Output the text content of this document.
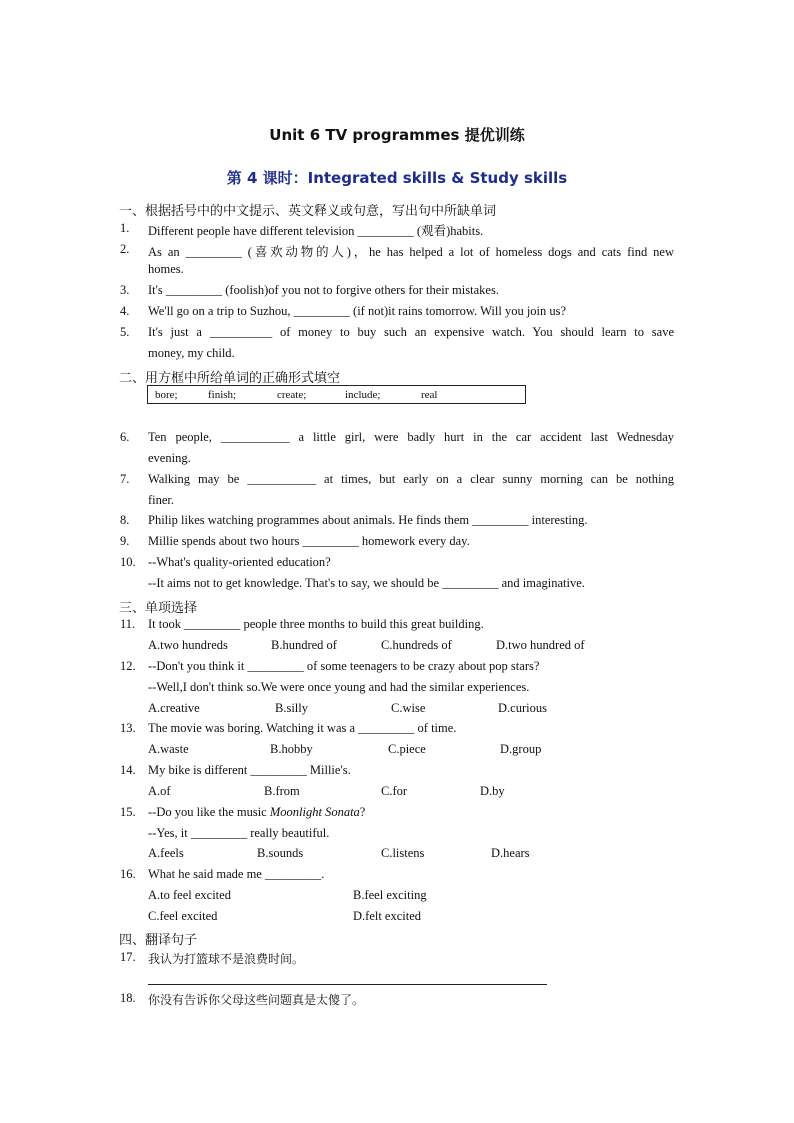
Unit 6 TV programmes 提优训练
第 4 课时：Integrated skills & Study skills
一、根据括号中的中文提示、英文释义或句意，写出句中所缺单词
1. Different people have different television _________ (观看)habits.
2. As an _________ (喜欢动物的人)，he has helped a lot of homeless dogs and cats find new
homes.
3. It's _________ (foolish)of you not to forgive others for their mistakes.
4. We'll go on a trip to Suzhou, _________ (if not)it rains tomorrow. Will you join us?
5. It's just a __________ of money to buy such an expensive watch. You should learn to save
money, my child.
二、用方框中所给单词的正确形式填空
bore;	finish;	create;	include;	real
6. Ten people, ___________ a little girl, were badly hurt in the car accident last Wednesday
evening.
7. Walking may be ___________ at times, but early on a clear sunny morning can be nothing
finer.
8. Philip likes watching programmes about animals. He finds them _________ interesting.
9. Millie spends about two hours _________ homework every day.
10. --What's quality-oriented education?
--It aims not to get knowledge. That's to say, we should be _________ and imaginative.
三、单项选择
11. It took _________ people three months to build this great building.
A.two hundreds	B.hundred of	C.hundreds of	D.two hundred of
12. --Don't you think it _________ of some teenagers to be crazy about pop stars?
--Well,I don't think so.We were once young and had the similar experiences.
A.creative	B.silly	C.wise	D.curious
13. The movie was boring. Watching it was a _________ of time.
A.waste	B.hobby	C.piece	D.group
14. My bike is different _________ Millie's.
A.of	B.from	C.for	D.by
15. --Do you like the music Moonlight Sonata?
--Yes, it _________ really beautiful.
A.feels	B.sounds	C.listens	D.hears
16. What he said made me _________.
A.to feel excited	B.feel exciting
C.feel excited	D.felt excited
四、翻译句子
17. 我认为打篮球不是浪费时间。
18. 你没有告诉你父母这些问题真是太傻了。
